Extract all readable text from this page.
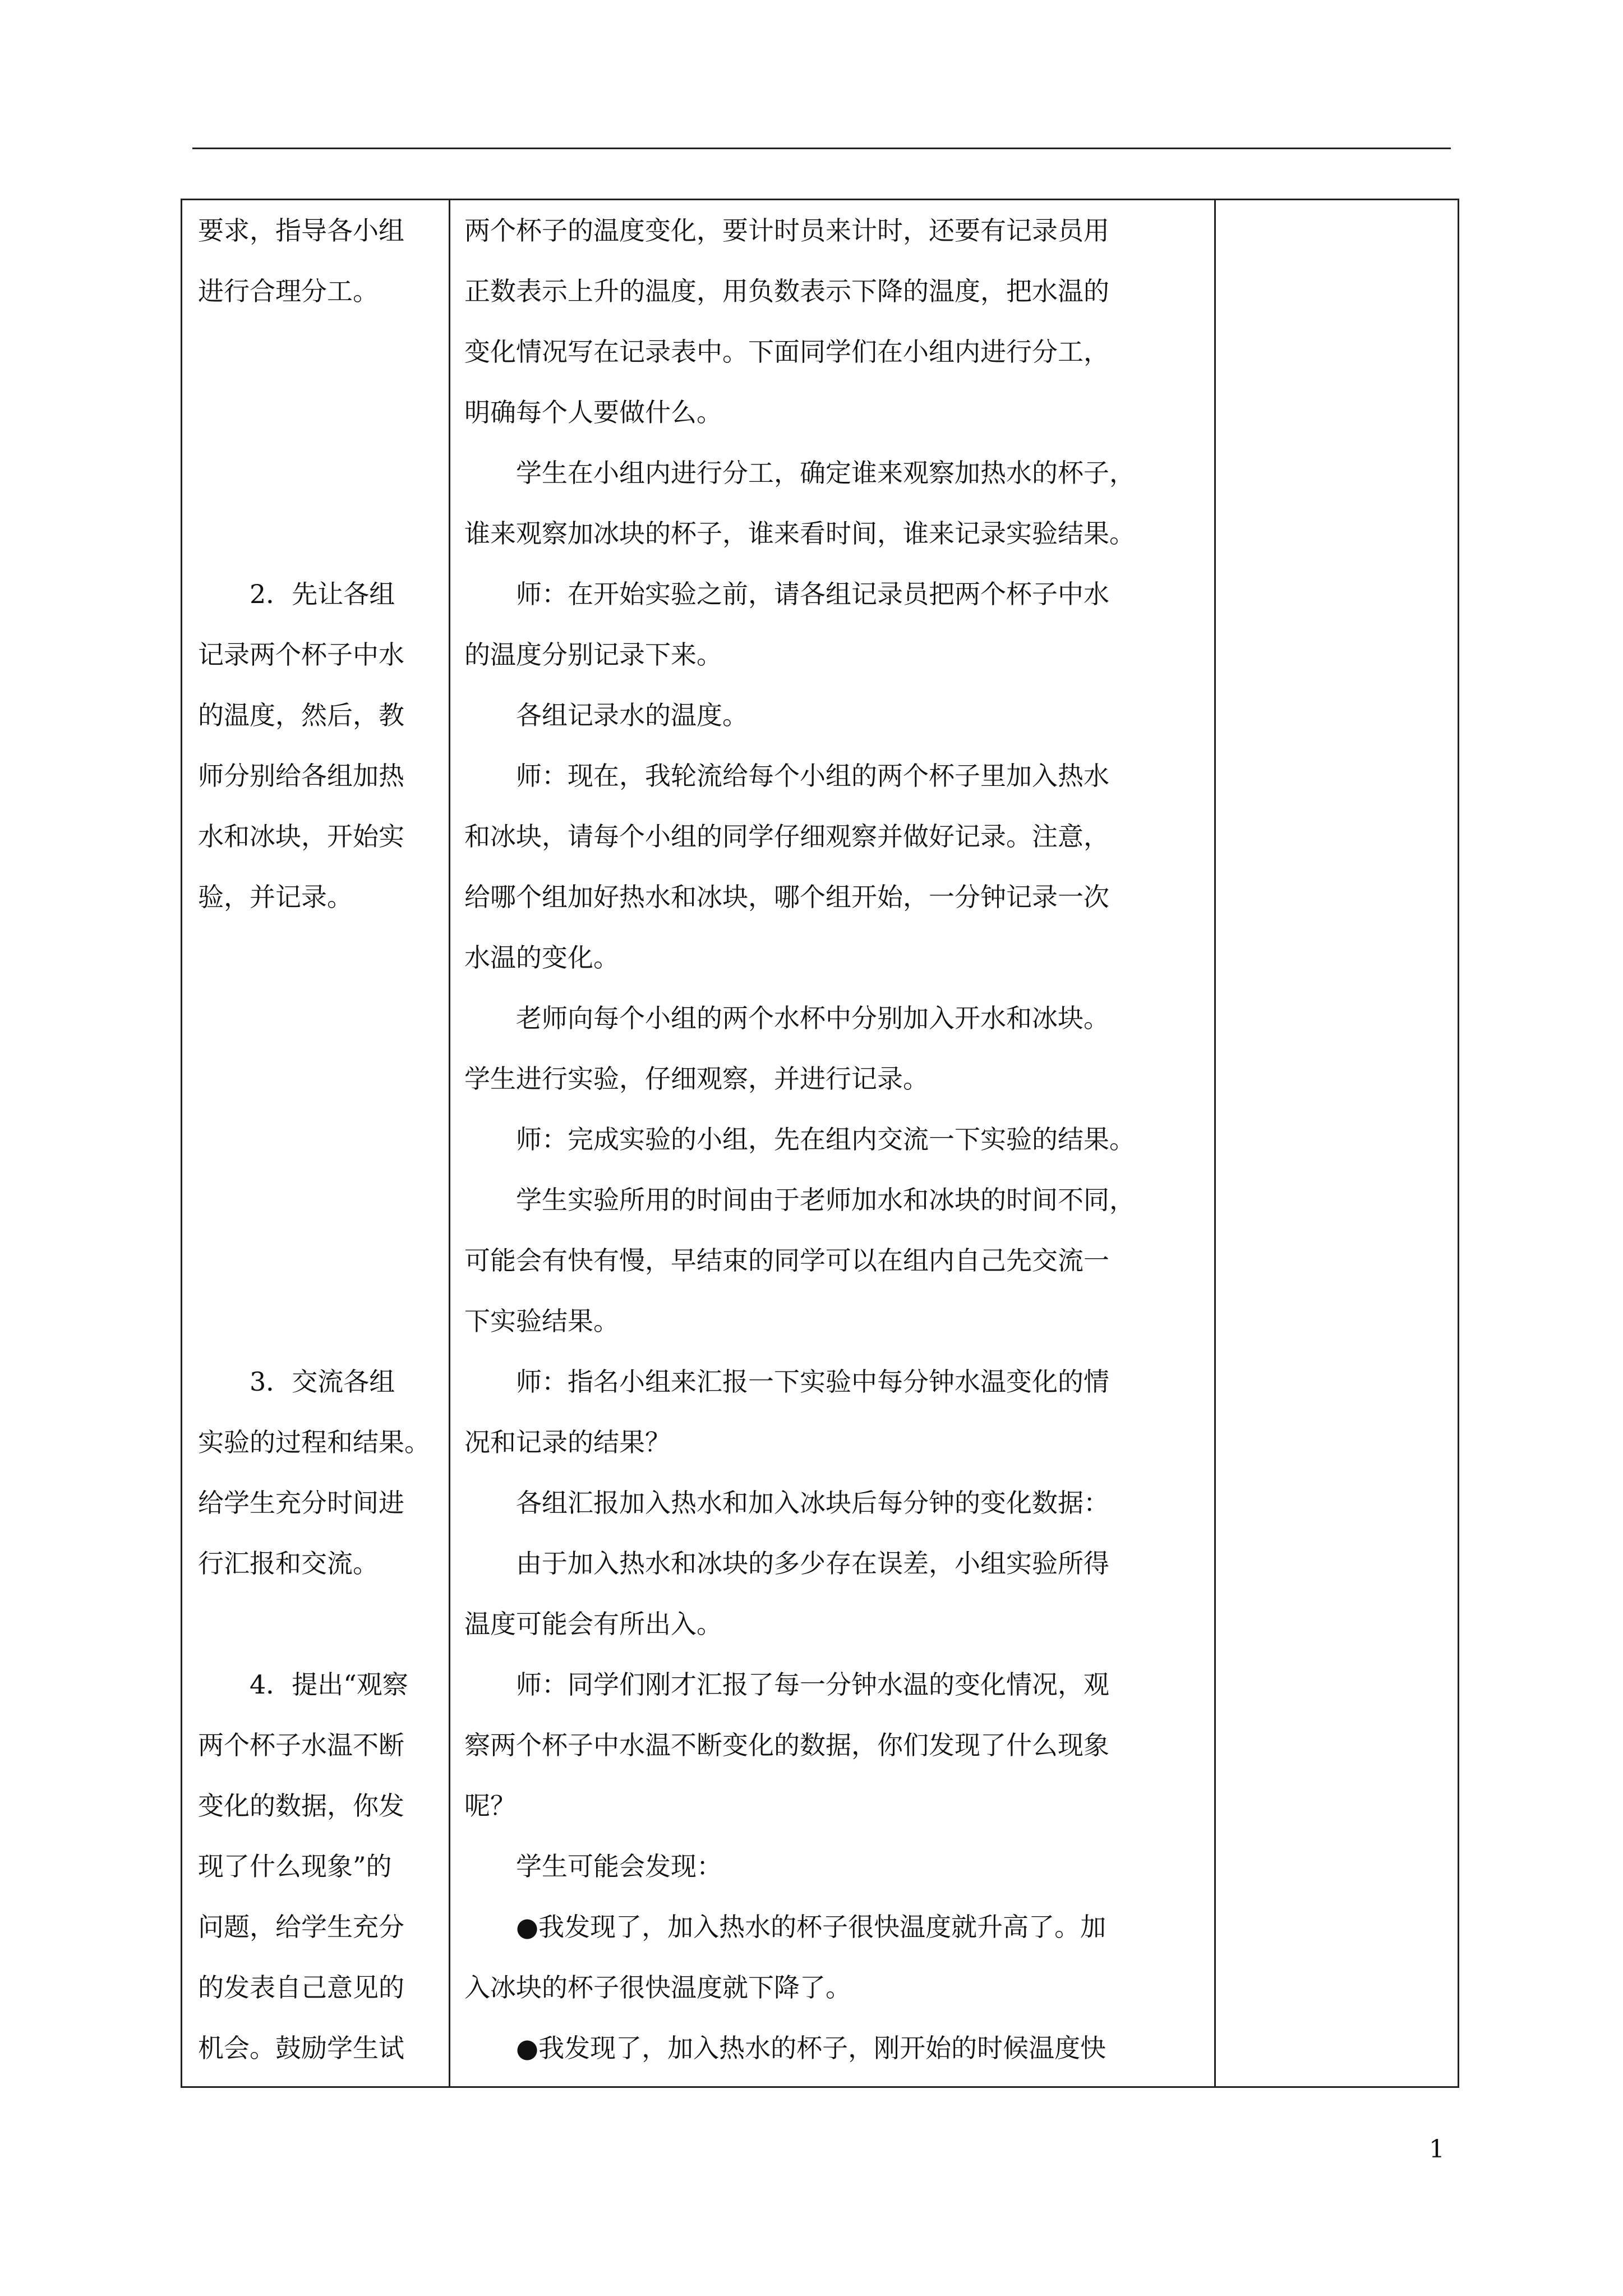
要求，指导各小组

进行合理分工。

2．先让各组

记录两个杯子中水

的温度，然后，教

师分别给各组加热

水和冰块，开始实

验，并记录。

3．交流各组

实验的过程和结果。

给学生充分时间进

行汇报和交流。

4．提出“观察

两个杯子水温不断

变化的数据，你发

现了什么现象”的

问题，给学生充分

的发表自己意见的

机会。鼓励学生试

两个杯子的温度变化，要计时员来计时，还要有记录员用

正数表示上升的温度，用负数表示下降的温度，把水温的

变化情况写在记录表中。下面同学们在小组内进行分工，

明确每个人要做什么。

学生在小组内进行分工，确定谁来观察加热水的杯子，

谁来观察加冰块的杯子，谁来看时间，谁来记录实验结果。

师：在开始实验之前，请各组记录员把两个杯子中水

的温度分别记录下来。

各组记录水的温度。

师：现在，我轮流给每个小组的两个杯子里加入热水

和冰块，请每个小组的同学仔细观察并做好记录。注意，

给哪个组加好热水和冰块，哪个组开始，一分钟记录一次

水温的变化。

老师向每个小组的两个水杯中分别加入开水和冰块。

学生进行实验，仔细观察，并进行记录。

师：完成实验的小组，先在组内交流一下实验的结果。

学生实验所用的时间由于老师加水和冰块的时间不同，

可能会有快有慢，早结束的同学可以在组内自己先交流一

下实验结果。

师：指名小组来汇报一下实验中每分钟水温变化的情

况和记录的结果？

各组汇报加入热水和加入冰块后每分钟的变化数据：

由于加入热水和冰块的多少存在误差，小组实验所得

温度可能会有所出入。

师：同学们刚才汇报了每一分钟水温的变化情况，观

察两个杯子中水温不断变化的数据，你们发现了什么现象

呢？

学生可能会发现：

●我发现了，加入热水的杯子很快温度就升高了。加

入冰块的杯子很快温度就下降了。

●我发现了，加入热水的杯子，刚开始的时候温度快

1
